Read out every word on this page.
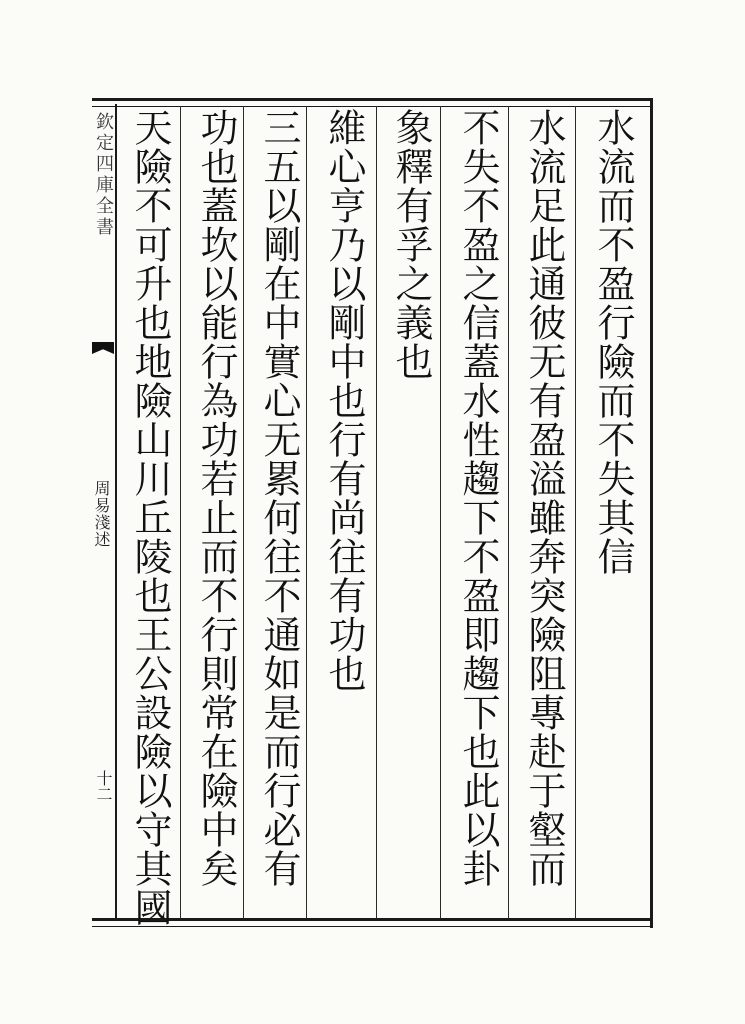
欽定四庫全書
周易淺述
十二
水流而不盈行險而不失其信
水流足此通彼无有盈溢雖奔突險阻專赴于壑而
不失不盈之信蓋水性趨下不盈即趨下也此以卦
象釋有孚之義也
維心亨乃以剛中也行有尚往有功也
三五以剛在中實心无累何往不通如是而行必有
功也蓋坎以能行為功若止而不行則常在險中矣
天險不可升也地險山川丘陵也王公設險以守其國
